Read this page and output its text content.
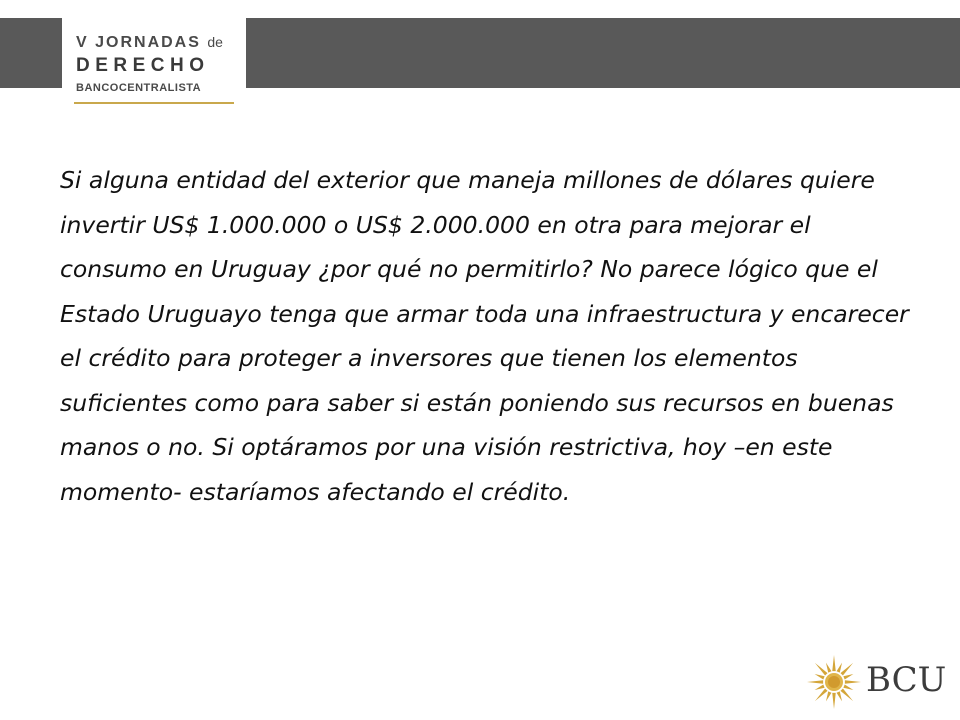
V JORNADAS de
DERECHO
BANCOCENTRALISTA

Si alguna entidad del exterior que maneja millones de dólares quiere invertir US$ 1.000.000 o US$ 2.000.000 en otra para mejorar el consumo en Uruguay ¿por qué no permitirlo? No parece lógico que el Estado Uruguayo tenga que armar toda una infraestructura y encarecer el crédito para proteger a inversores que tienen los elementos suficientes como para saber si están poniendo sus recursos en buenas manos o no. Si optáramos por una visión restrictiva, hoy –en este momento- estaríamos afectando el crédito.

BCU
